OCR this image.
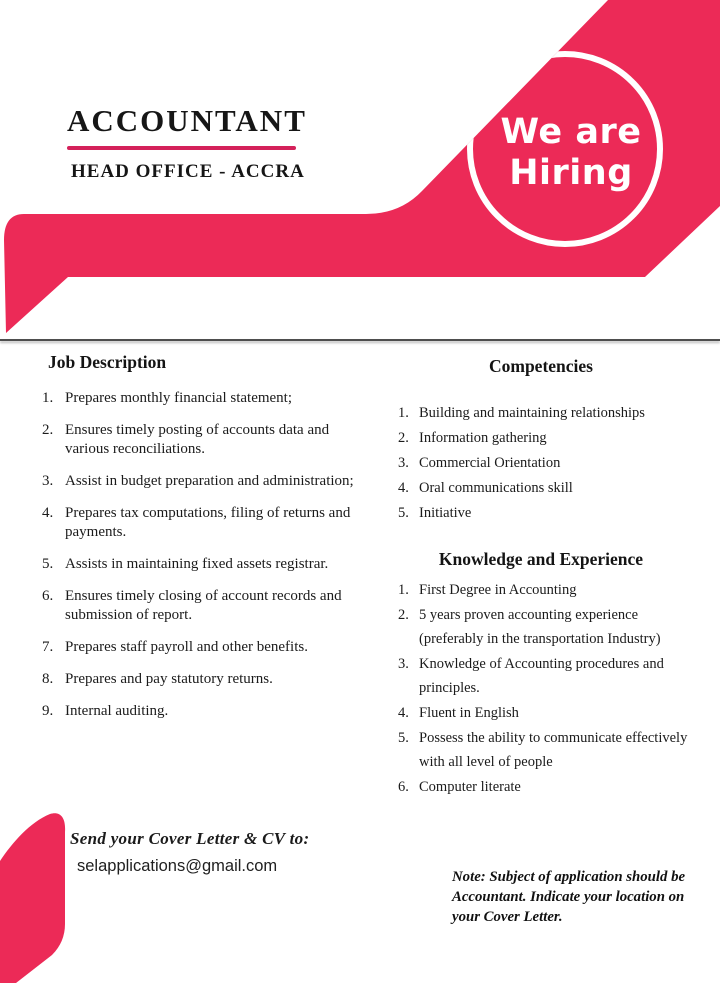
We are
Hiring
ACCOUNTANT
HEAD OFFICE - ACCRA
Job Description
Prepares monthly financial statement;
Ensures timely posting of accounts data and various reconciliations.
Assist in budget preparation and administration;
Prepares tax computations, filing of returns and payments.
Assists in maintaining fixed assets registrar.
Ensures timely closing of account records and submission of report.
Prepares staff payroll and other benefits.
Prepares and pay statutory returns.
Internal auditing.
Competencies
Building and maintaining relationships
Information gathering
Commercial Orientation
Oral communications skill
Initiative
Knowledge and Experience
First Degree in Accounting
5 years proven accounting experience (preferably in the transportation Industry)
Knowledge of Accounting procedures and principles.
Fluent in English
Possess the ability to communicate effectively with all level of people
Computer literate
Send your Cover Letter & CV to:
selapplications@gmail.com
Note: Subject of application should be Accountant. Indicate your location on your Cover Letter.
